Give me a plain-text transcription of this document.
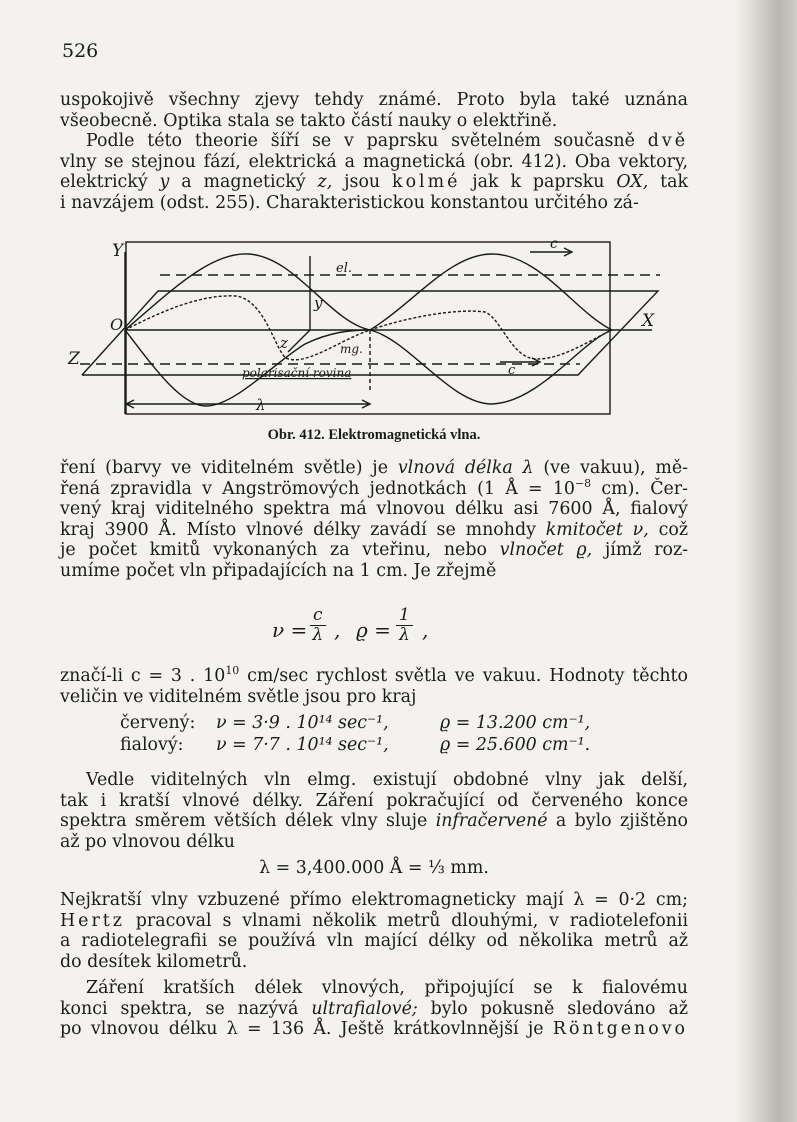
526
uspokojivě všechny zjevy tehdy známé. Proto byla také uznána
všeobecně. Optika stala se takto částí nauky o elektřině.
Podle této theorie šíří se v paprsku světelném současně dvě
vlny se stejnou fází, elektrická a magnetická (obr. 412). Oba vektory,
elektrický y a magnetický z, jsou kolmé jak k paprsku OX, tak
i navzájem (odst. 255). Charakteristickou konstantou určitého zá-
Y
X
Z
O
el.
y
z	mg.
c
c
λ
polarisační rovina
Obr. 412. Elektromagnetická vlna.
ření (barvy ve viditelném světle) je vlnová délka λ (ve vakuu), mě-
řená zpravidla v Angströmových jednotkách (1 Å = $10^{-8}$ cm). Čer-
vený kraj viditelného spektra má vlnovou délku asi 7600 Å, fialový
kraj 3900 Å. Místo vlnové délky zavádí se mnohdy kmitočet ν, což
je počet kmitů vykonaných za vteřinu, nebo vlnočet ϱ, jímž roz-
umíme počet vln připadajících na 1 cm. Je zřejmě
$\nu = \frac{c}{\lambda}$ , $ϱ = \frac{1}{\lambda}$ ,
značí-li c = 3 . $10^{10}$ cm/sec rychlost světla ve vakuu. Hodnoty těchto
veličin ve viditelném světle jsou pro kraj
červený: ν = 3·9 . 10¹⁴ sec⁻¹,	ϱ = 13.200 cm⁻¹,
fialový: ν = 7·7 . 10¹⁴ sec⁻¹,	ϱ = 25.600 cm⁻¹.
Vedle viditelných vln elmg. existují obdobné vlny jak delší,
tak i kratší vlnové délky. Záření pokračující od červeného konce
spektra směrem větších délek vlny sluje infračervené a bylo zjištěno
až po vlnovou délku
λ = 3,400.000 Å = ⅓ mm.
Nejkratší vlny vzbuzené přímo elektromagneticky mají λ = 0·2 cm;
Hertz pracoval s vlnami několik metrů dlouhými, v radiotelefonii
a radiotelegrafii se používá vln mající délky od několika metrů až
do desítek kilometrů.
Záření kratších délek vlnových, připojující se k fialovému
konci spektra, se nazývá ultrafialové; bylo pokusně sledováno až
po vlnovou délku λ = 136 Å. Ještě krátkovlnnější je Röntgenovo
